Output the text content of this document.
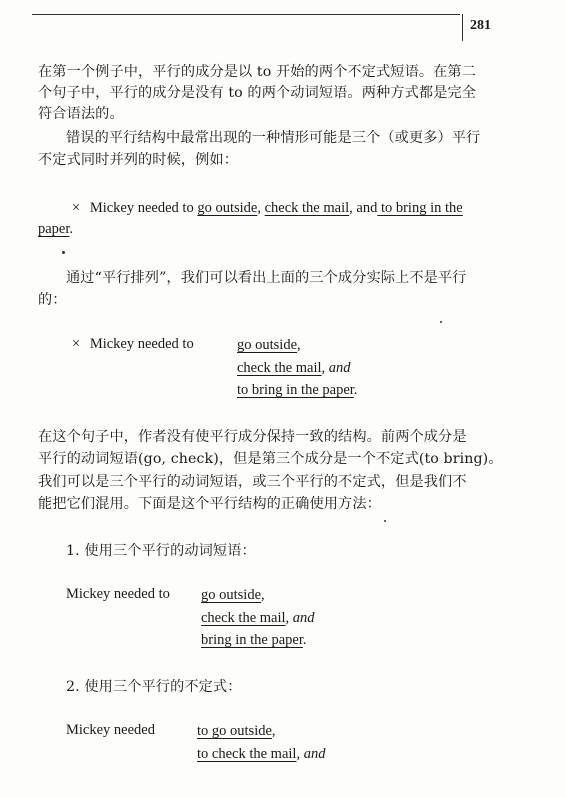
281
在第一个例子中，平行的成分是以 to 开始的两个不定式短语。在第二
个句子中，平行的成分是没有 to 的两个动词短语。两种方式都是完全
符合语法的。
错误的平行结构中最常出现的一种情形可能是三个（或更多）平行
不定式同时并列的时候，例如：
× Mickey needed to go outside, check the mail, and to bring in the
paper.
通过“平行排列”，我们可以看出上面的三个成分实际上不是平行
的：
× Mickey needed to	go outside,
check the mail, and
to bring in the paper.
在这个句子中，作者没有使平行成分保持一致的结构。前两个成分是
平行的动词短语(go, check)，但是第三个成分是一个不定式(to bring)。
我们可以是三个平行的动词短语，或三个平行的不定式，但是我们不
能把它们混用。下面是这个平行结构的正确使用方法：
1. 使用三个平行的动词短语：
Mickey needed to go outside,
check the mail, and
bring in the paper.
2. 使用三个平行的不定式：
Mickey needed	to go outside,
to check the mail, and
